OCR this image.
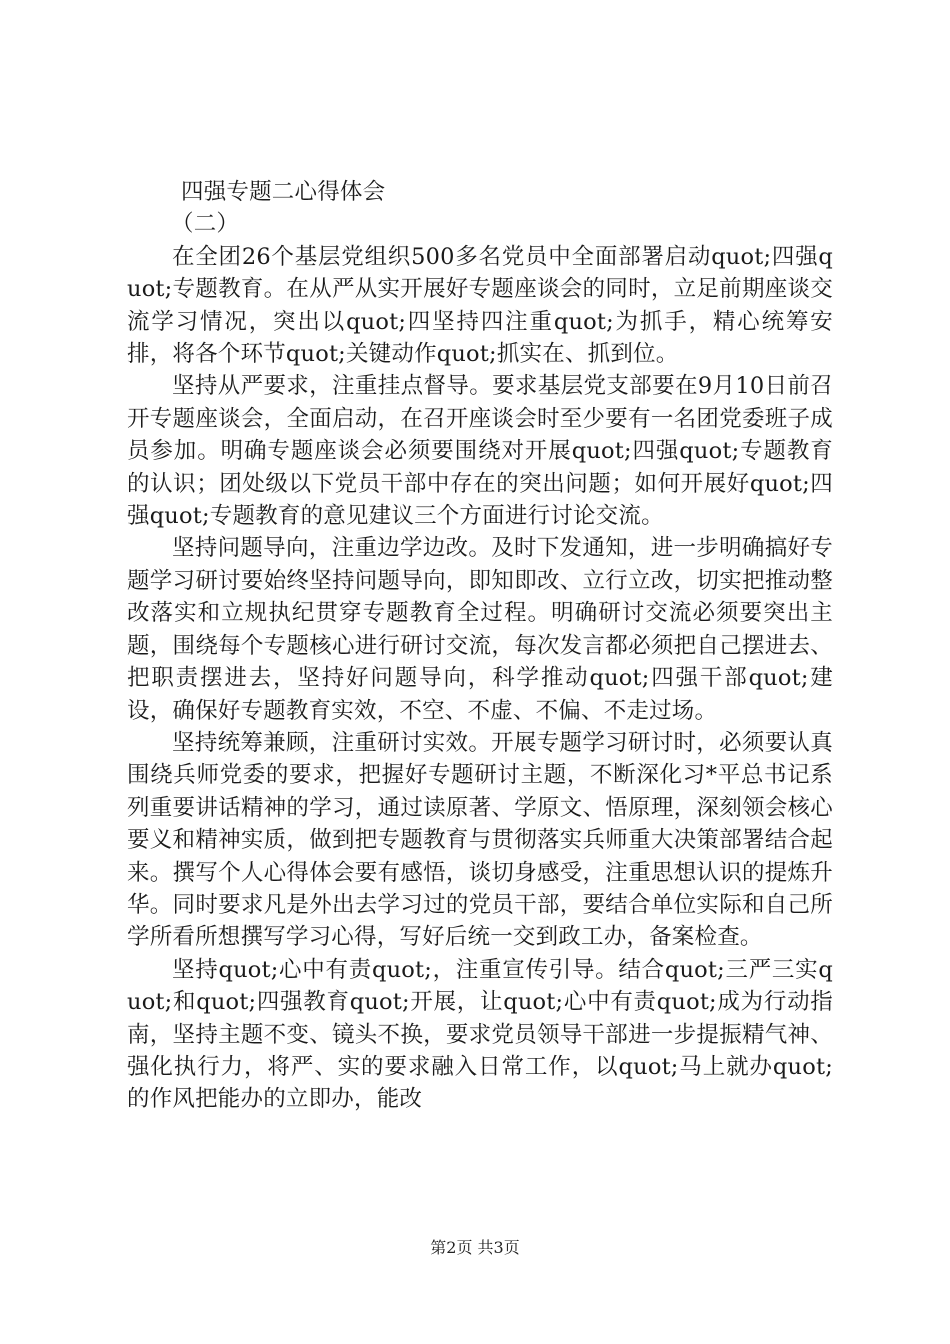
四强专题二心得体会
（二）
在全团26个基层党组织500多名党员中全面部署启动quot;四强quot;专题教育。在从严从实开展好专题座谈会的同时，立足前期座谈交流学习情况，突出以quot;四坚持四注重quot;为抓手，精心统筹安排，将各个环节quot;关键动作quot;抓实在、抓到位。
坚持从严要求，注重挂点督导。要求基层党支部要在9月10日前召开专题座谈会，全面启动，在召开座谈会时至少要有一名团党委班子成员参加。明确专题座谈会必须要围绕对开展quot;四强quot;专题教育的认识；团处级以下党员干部中存在的突出问题；如何开展好quot;四强quot;专题教育的意见建议三个方面进行讨论交流。
坚持问题导向，注重边学边改。及时下发通知，进一步明确搞好专题学习研讨要始终坚持问题导向，即知即改、立行立改，切实把推动整改落实和立规执纪贯穿专题教育全过程。明确研讨交流必须要突出主题，围绕每个专题核心进行研讨交流，每次发言都必须把自己摆进去、把职责摆进去，坚持好问题导向，科学推动quot;四强干部quot;建设，确保好专题教育实效，不空、不虚、不偏、不走过场。
坚持统筹兼顾，注重研讨实效。开展专题学习研讨时，必须要认真围绕兵师党委的要求，把握好专题研讨主题，不断深化习*平总书记系列重要讲话精神的学习，通过读原著、学原文、悟原理，深刻领会核心要义和精神实质，做到把专题教育与贯彻落实兵师重大决策部署结合起来。撰写个人心得体会要有感悟，谈切身感受，注重思想认识的提炼升华。同时要求凡是外出去学习过的党员干部，要结合单位实际和自己所学所看所想撰写学习心得，写好后统一交到政工办，备案检查。
坚持quot;心中有责quot;，注重宣传引导。结合quot;三严三实quot;和quot;四强教育quot;开展，让quot;心中有责quot;成为行动指南，坚持主题不变、镜头不换，要求党员领导干部进一步提振精气神、强化执行力，将严、实的要求融入日常工作，以quot;马上就办quot;的作风把能办的立即办，能改
第2页 共3页
